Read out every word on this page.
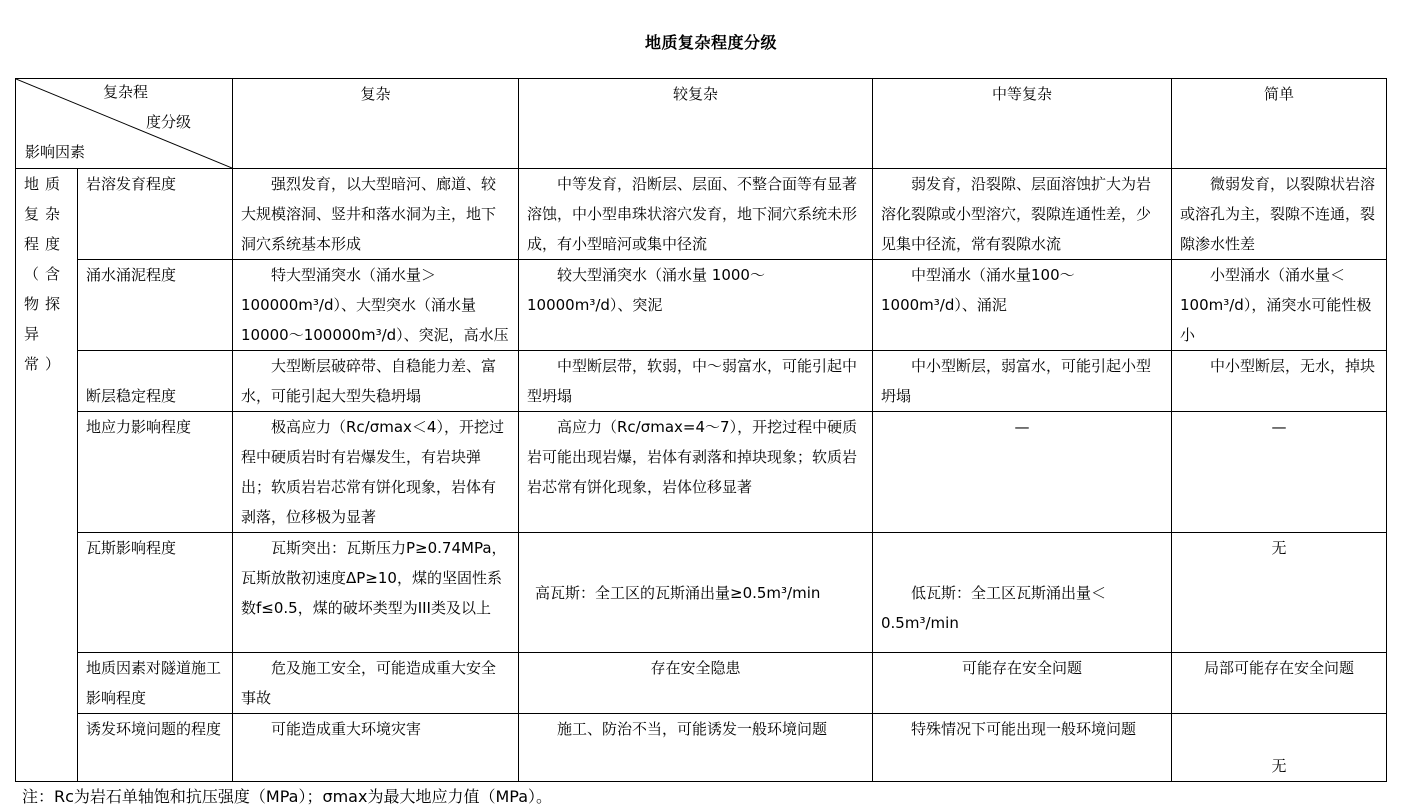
地质复杂程度分级
复杂程
度分级
影响因素		复杂	较复杂	中等复杂	简单

地质复杂程度（含物探异常）	岩溶发育程度	强烈发育，以大型暗河、廊道、较大规模溶洞、竖井和落水洞为主，地下洞穴系统基本形成	中等发育，沿断层、层面、不整合面等有显著溶蚀，中小型串珠状溶穴发育，地下洞穴系统未形成，有小型暗河或集中径流	弱发育，沿裂隙、层面溶蚀扩大为岩溶化裂隙或小型溶穴，裂隙连通性差，少见集中径流，常有裂隙水流	微弱发育，以裂隙状岩溶或溶孔为主，裂隙不连通，裂隙渗水性差
	涌水涌泥程度	特大型涌突水（涌水量＞100000m³/d）、大型突水（涌水量 10000～100000m³/d）、突泥，高水压	较大型涌突水（涌水量 1000～10000m³/d）、突泥	中型涌水（涌水量100～1000m³/d）、涌泥	小型涌水（涌水量＜100m³/d），涌突水可能性极小
	断层稳定程度	大型断层破碎带、自稳能力差、富水，可能引起大型失稳坍塌	中型断层带，软弱，中～弱富水，可能引起中型坍塌	中小型断层，弱富水，可能引起小型坍塌	中小型断层，无水，掉块
	地应力影响程度	极高应力（Rc/σmax＜4），开挖过程中硬质岩时有岩爆发生，有岩块弹出；软质岩岩芯常有饼化现象，岩体有剥落，位移极为显著	高应力（Rc/σmax=4～7），开挖过程中硬质岩可能出现岩爆，岩体有剥落和掉块现象；软质岩岩芯常有饼化现象，岩体位移显著	—	—
	瓦斯影响程度	瓦斯突出：瓦斯压力P≥0.74MPa，瓦斯放散初速度ΔP≥10，煤的坚固性系数f≤0.5，煤的破坏类型为III类及以上	高瓦斯：全工区的瓦斯涌出量≥0.5m³/min	低瓦斯：全工区瓦斯涌出量＜0.5m³/min	无
	地质因素对隧道施工影响程度	危及施工安全，可能造成重大安全事故	存在安全隐患	可能存在安全问题	局部可能存在安全问题
	诱发环境问题的程度	可能造成重大环境灾害	施工、防治不当，可能诱发一般环境问题	特殊情况下可能出现一般环境问题	无
注：Rc为岩石单轴饱和抗压强度（MPa）；σmax为最大地应力值（MPa）。
